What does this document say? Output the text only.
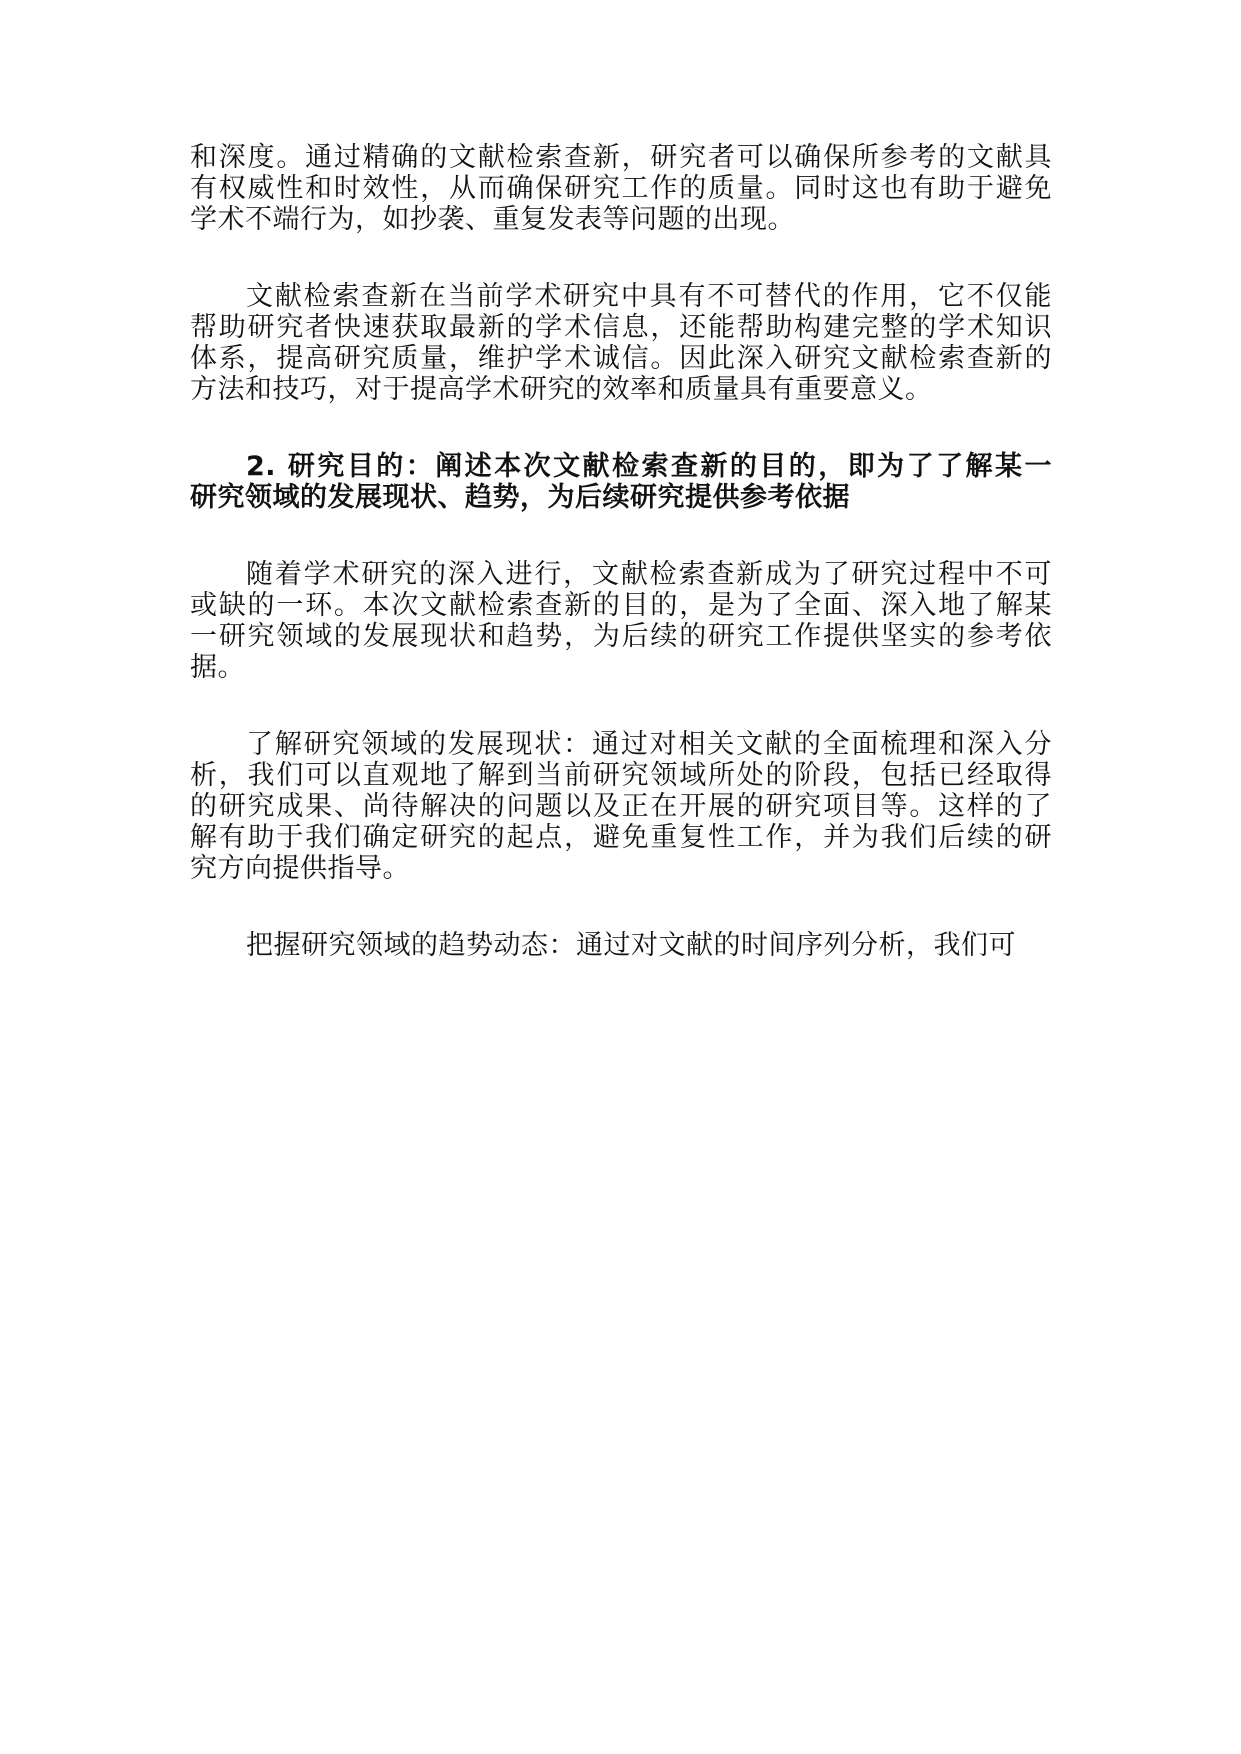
和深度。通过精确的文献检索查新，研究者可以确保所参考的文献具
有权威性和时效性，从而确保研究工作的质量。同时这也有助于避免
学术不端行为，如抄袭、重复发表等问题的出现。
文献检索查新在当前学术研究中具有不可替代的作用，它不仅能
帮助研究者快速获取最新的学术信息，还能帮助构建完整的学术知识
体系，提高研究质量，维护学术诚信。因此深入研究文献检索查新的
方法和技巧，对于提高学术研究的效率和质量具有重要意义。
2. 研究目的：阐述本次文献检索查新的目的，即为了了解某一
研究领域的发展现状、趋势，为后续研究提供参考依据
随着学术研究的深入进行，文献检索查新成为了研究过程中不可
或缺的一环。本次文献检索查新的目的，是为了全面、深入地了解某
一研究领域的发展现状和趋势，为后续的研究工作提供坚实的参考依
据。
了解研究领域的发展现状：通过对相关文献的全面梳理和深入分
析，我们可以直观地了解到当前研究领域所处的阶段，包括已经取得
的研究成果、尚待解决的问题以及正在开展的研究项目等。这样的了
解有助于我们确定研究的起点，避免重复性工作，并为我们后续的研
究方向提供指导。
把握研究领域的趋势动态：通过对文献的时间序列分析，我们可
